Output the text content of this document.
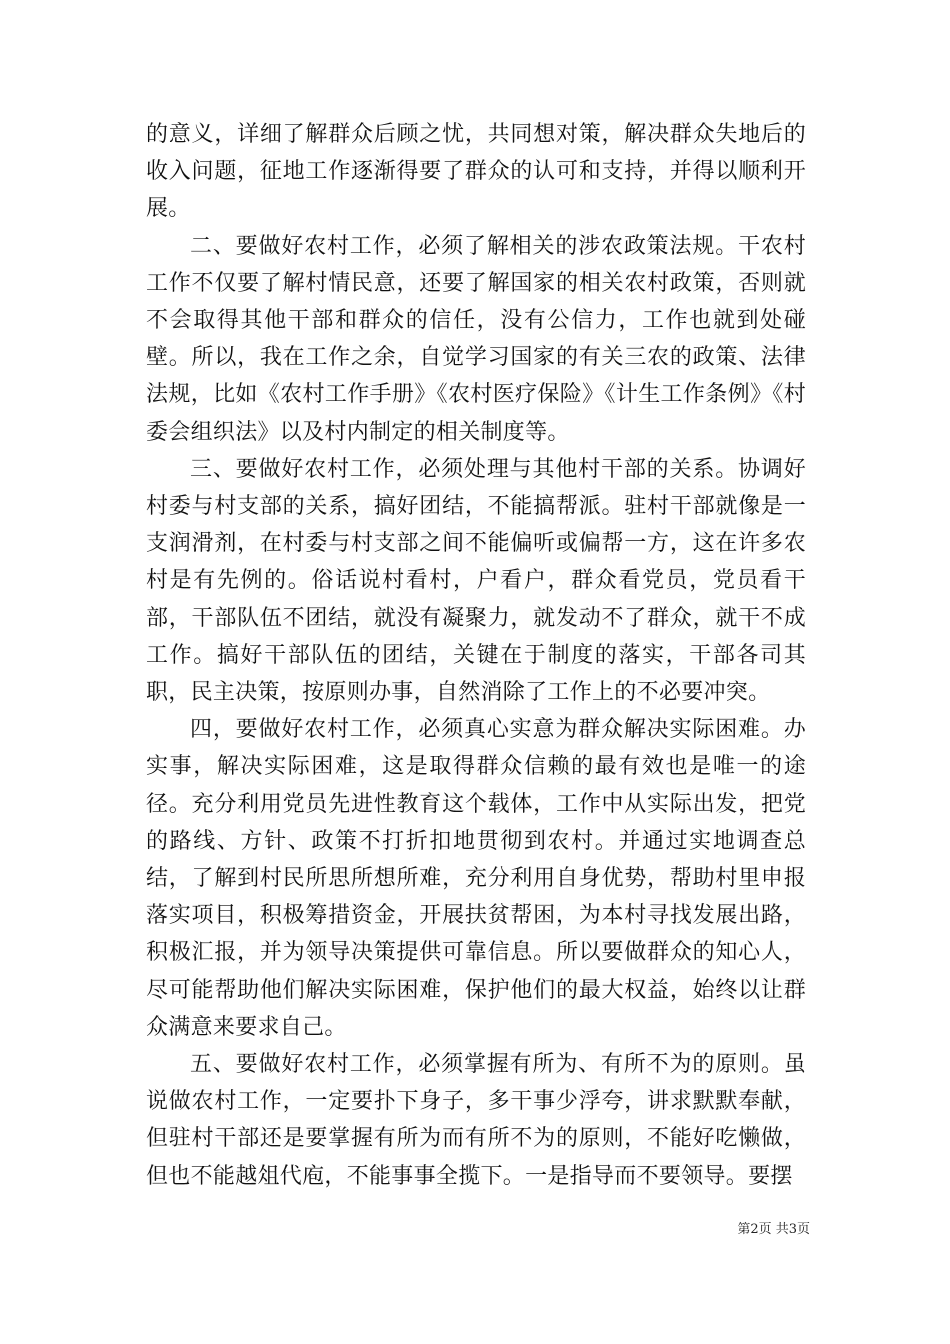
的意义，详细了解群众后顾之忧，共同想对策，解决群众失地后的收入问题，征地工作逐渐得要了群众的认可和支持，并得以顺利开展。

二、要做好农村工作，必须了解相关的涉农政策法规。干农村工作不仅要了解村情民意，还要了解国家的相关农村政策，否则就不会取得其他干部和群众的信任，没有公信力，工作也就到处碰壁。所以，我在工作之余，自觉学习国家的有关三农的政策、法律法规，比如《农村工作手册》《农村医疗保险》《计生工作条例》《村委会组织法》以及村内制定的相关制度等。

三、要做好农村工作，必须处理与其他村干部的关系。协调好村委与村支部的关系，搞好团结，不能搞帮派。驻村干部就像是一支润滑剂，在村委与村支部之间不能偏听或偏帮一方，这在许多农村是有先例的。俗话说村看村，户看户，群众看党员，党员看干部，干部队伍不团结，就没有凝聚力，就发动不了群众，就干不成工作。搞好干部队伍的团结，关键在于制度的落实，干部各司其职，民主决策，按原则办事，自然消除了工作上的不必要冲突。

四，要做好农村工作，必须真心实意为群众解决实际困难。办实事，解决实际困难，这是取得群众信赖的最有效也是唯一的途径。充分利用党员先进性教育这个载体，工作中从实际出发，把党的路线、方针、政策不打折扣地贯彻到农村。并通过实地调查总结，了解到村民所思所想所难，充分利用自身优势，帮助村里申报落实项目，积极筹措资金，开展扶贫帮困，为本村寻找发展出路，积极汇报，并为领导决策提供可靠信息。所以要做群众的知心人，尽可能帮助他们解决实际困难，保护他们的最大权益，始终以让群众满意来要求自己。

五、要做好农村工作，必须掌握有所为、有所不为的原则。虽说做农村工作，一定要扑下身子，多干事少浮夸，讲求默默奉献，但驻村干部还是要掌握有所为而有所不为的原则，不能好吃懒做，但也不能越俎代庖，不能事事全揽下。一是指导而不要领导。要摆

第2页 共3页
